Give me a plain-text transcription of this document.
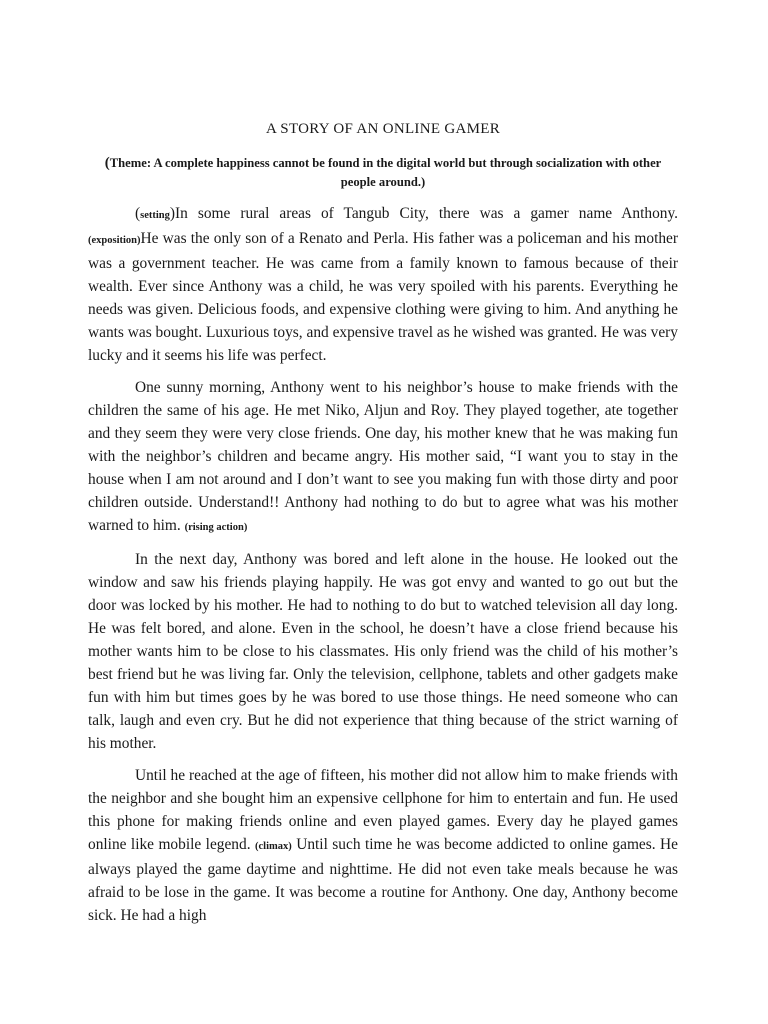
A STORY OF AN ONLINE GAMER
(Theme: A complete happiness cannot be found in the digital world but through socialization with other people around.)

(setting)In some rural areas of Tangub City, there was a gamer name Anthony. (exposition)He was the only son of a Renato and Perla. His father was a policeman and his mother was a government teacher. He was came from a family known to famous because of their wealth. Ever since Anthony was a child, he was very spoiled with his parents. Everything he needs was given. Delicious foods, and expensive clothing were giving to him. And anything he wants was bought. Luxurious toys, and expensive travel as he wished was granted. He was very lucky and it seems his life was perfect.

One sunny morning, Anthony went to his neighbor’s house to make friends with the children the same of his age. He met Niko, Aljun and Roy. They played together, ate together and they seem they were very close friends. One day, his mother knew that he was making fun with the neighbor’s children and became angry. His mother said, “I want you to stay in the house when I am not around and I don’t want to see you making fun with those dirty and poor children outside. Understand!! Anthony had nothing to do but to agree what was his mother warned to him. (rising action)

In the next day, Anthony was bored and left alone in the house. He looked out the window and saw his friends playing happily. He was got envy and wanted to go out but the door was locked by his mother. He had to nothing to do but to watched television all day long. He was felt bored, and alone. Even in the school, he doesn’t have a close friend because his mother wants him to be close to his classmates. His only friend was the child of his mother’s best friend but he was living far. Only the television, cellphone, tablets and other gadgets make fun with him but times goes by he was bored to use those things. He need someone who can talk, laugh and even cry. But he did not experience that thing because of the strict warning of his mother.

Until he reached at the age of fifteen, his mother did not allow him to make friends with the neighbor and she bought him an expensive cellphone for him to entertain and fun. He used this phone for making friends online and even played games. Every day he played games online like mobile legend. (climax) Until such time he was become addicted to online games. He always played the game daytime and nighttime. He did not even take meals because he was afraid to be lose in the game. It was become a routine for Anthony. One day, Anthony become sick. He had a high
